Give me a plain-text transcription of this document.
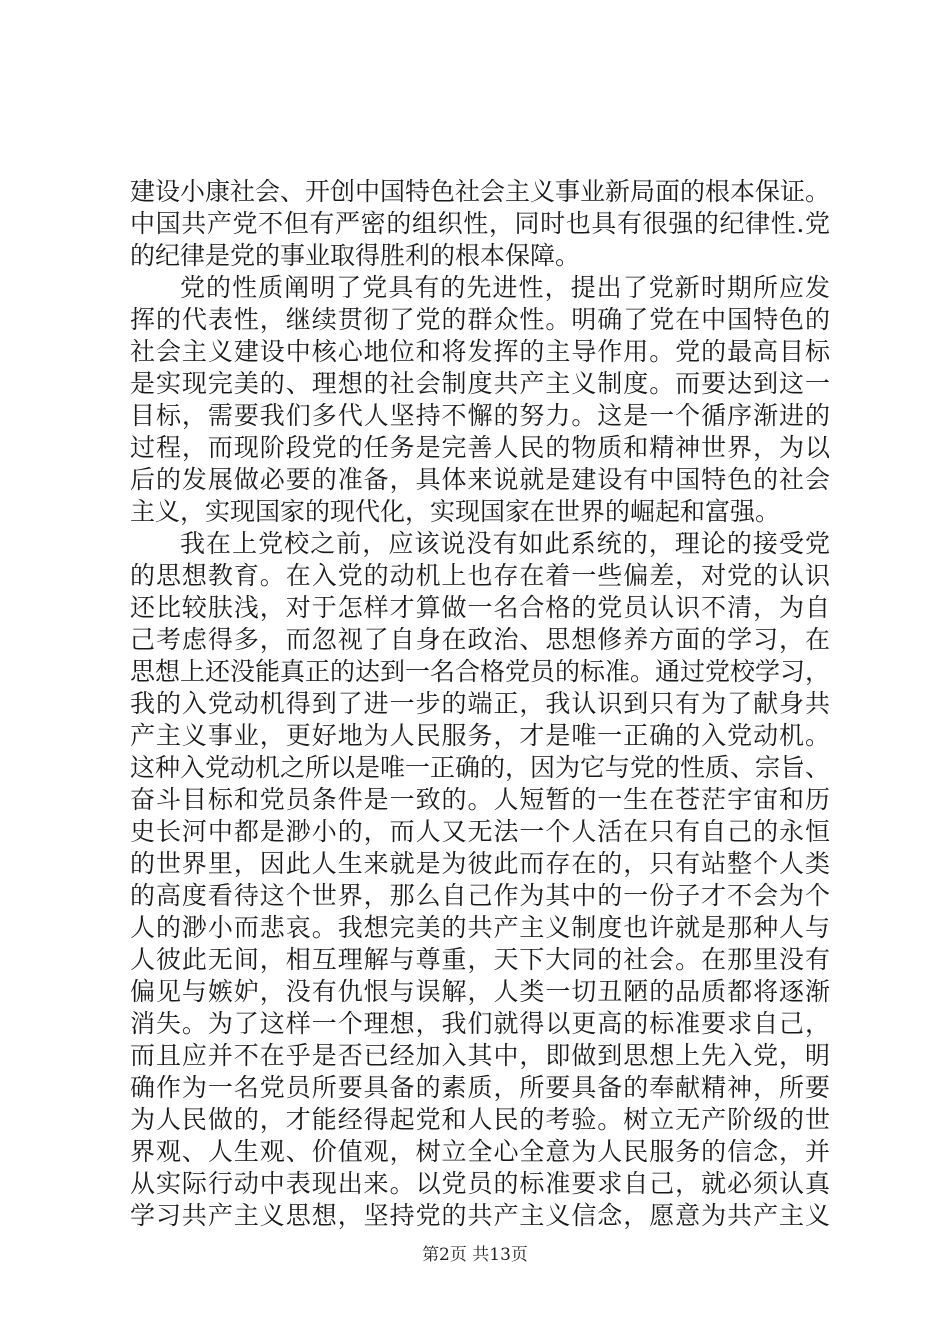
建设小康社会、开创中国特色社会主义事业新局面的根本保证。
中国共产党不但有严密的组织性，同时也具有很强的纪律性.党
的纪律是党的事业取得胜利的根本保障。
党的性质阐明了党具有的先进性，提出了党新时期所应发
挥的代表性，继续贯彻了党的群众性。明确了党在中国特色的
社会主义建设中核心地位和将发挥的主导作用。党的最高目标
是实现完美的、理想的社会制度共产主义制度。而要达到这一
目标，需要我们多代人坚持不懈的努力。这是一个循序渐进的
过程，而现阶段党的任务是完善人民的物质和精神世界，为以
后的发展做必要的准备，具体来说就是建设有中国特色的社会
主义，实现国家的现代化，实现国家在世界的崛起和富强。
我在上党校之前，应该说没有如此系统的，理论的接受党
的思想教育。在入党的动机上也存在着一些偏差，对党的认识
还比较肤浅，对于怎样才算做一名合格的党员认识不清，为自
己考虑得多，而忽视了自身在政治、思想修养方面的学习，在
思想上还没能真正的达到一名合格党员的标准。通过党校学习，
我的入党动机得到了进一步的端正，我认识到只有为了献身共
产主义事业，更好地为人民服务，才是唯一正确的入党动机。
这种入党动机之所以是唯一正确的，因为它与党的性质、宗旨、
奋斗目标和党员条件是一致的。人短暂的一生在苍茫宇宙和历
史长河中都是渺小的，而人又无法一个人活在只有自己的永恒
的世界里，因此人生来就是为彼此而存在的，只有站整个人类
的高度看待这个世界，那么自己作为其中的一份子才不会为个
人的渺小而悲哀。我想完美的共产主义制度也许就是那种人与
人彼此无间，相互理解与尊重，天下大同的社会。在那里没有
偏见与嫉妒，没有仇恨与误解，人类一切丑陋的品质都将逐渐
消失。为了这样一个理想，我们就得以更高的标准要求自己，
而且应并不在乎是否已经加入其中，即做到思想上先入党，明
确作为一名党员所要具备的素质，所要具备的奉献精神，所要
为人民做的，才能经得起党和人民的考验。树立无产阶级的世
界观、人生观、价值观，树立全心全意为人民服务的信念，并
从实际行动中表现出来。以党员的标准要求自己，就必须认真
学习共产主义思想，坚持党的共产主义信念，愿意为共产主义
第2页 共13页
